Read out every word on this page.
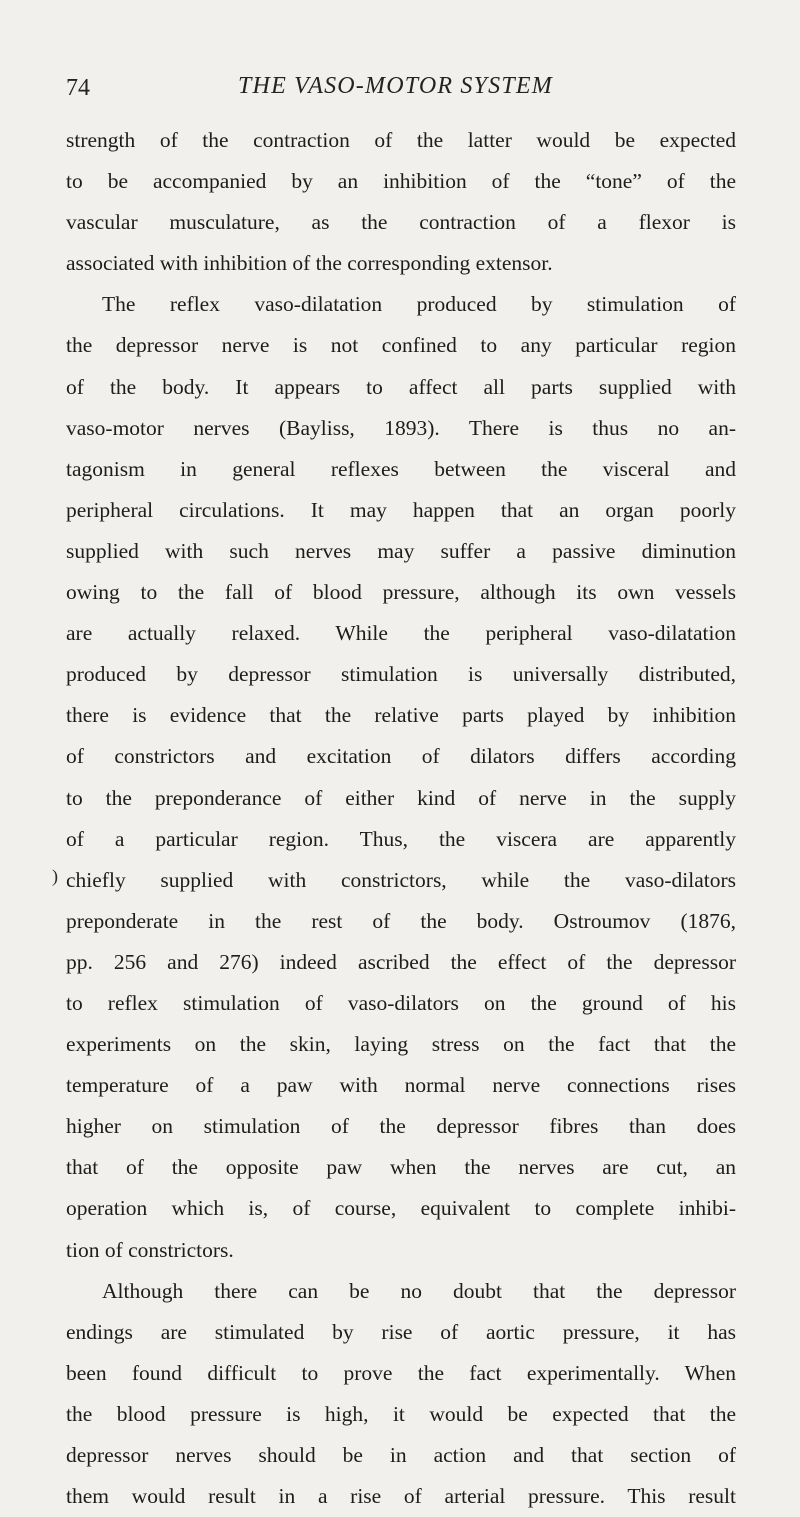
74	THE VASO-MOTOR SYSTEM
)
strength of the contraction of the latter would be expected
to be accompanied by an inhibition of the “tone” of the
vascular musculature, as the contraction of a flexor is
associated with inhibition of the corresponding extensor.
The reflex vaso-dilatation produced by stimulation of
the depressor nerve is not confined to any particular region
of the body. It appears to affect all parts supplied with
vaso-motor nerves (Bayliss, 1893). There is thus no an-
tagonism in general reflexes between the visceral and
peripheral circulations. It may happen that an organ poorly
supplied with such nerves may suffer a passive diminution
owing to the fall of blood pressure, although its own vessels
are actually relaxed. While the peripheral vaso-dilatation
produced by depressor stimulation is universally distributed,
there is evidence that the relative parts played by inhibition
of constrictors and excitation of dilators differs according
to the preponderance of either kind of nerve in the supply
of a particular region. Thus, the viscera are apparently
chiefly supplied with constrictors, while the vaso-dilators
preponderate in the rest of the body. Ostroumov (1876,
pp. 256 and 276) indeed ascribed the effect of the depressor
to reflex stimulation of vaso-dilators on the ground of his
experiments on the skin, laying stress on the fact that the
temperature of a paw with normal nerve connections rises
higher on stimulation of the depressor fibres than does
that of the opposite paw when the nerves are cut, an
operation which is, of course, equivalent to complete inhibi-
tion of constrictors.
Although there can be no doubt that the depressor
endings are stimulated by rise of aortic pressure, it has
been found difficult to prove the fact experimentally. When
the blood pressure is high, it would be expected that the
depressor nerves should be in action and that section of
them would result in a rise of arterial pressure. This result
